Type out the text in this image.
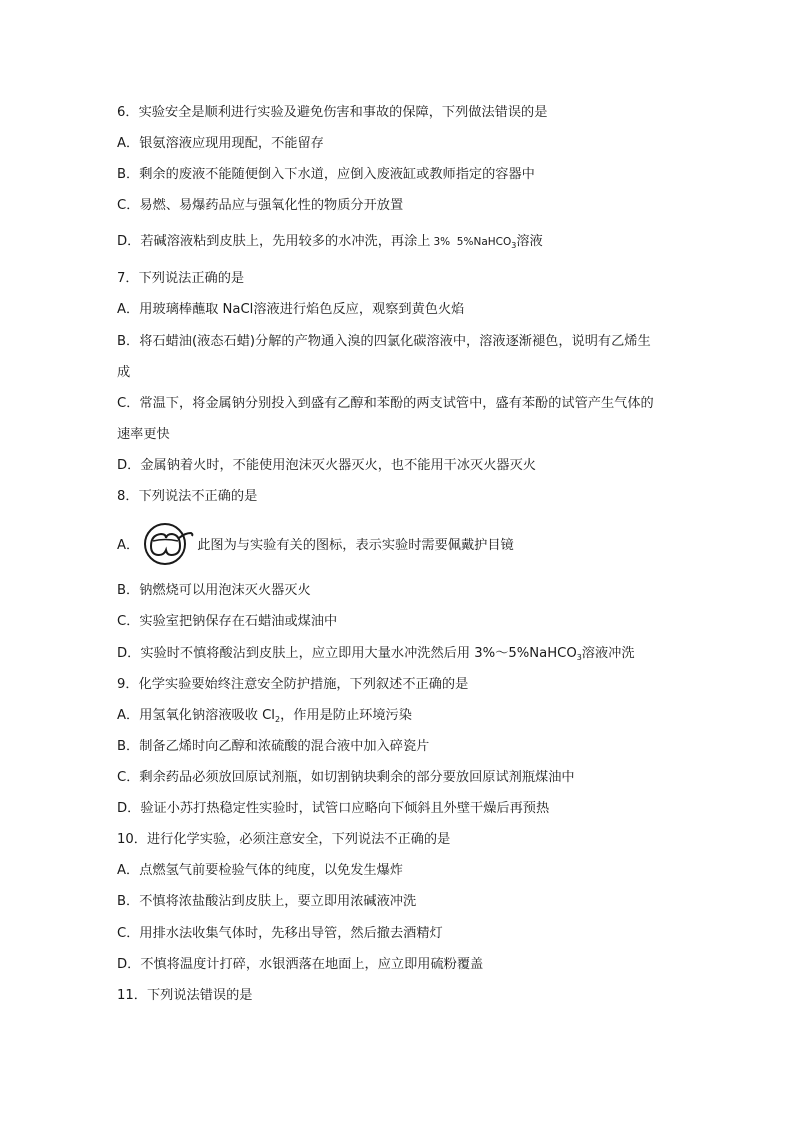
6．实验安全是顺利进行实验及避免伤害和事故的保障，下列做法错误的是
A．银氨溶液应现用现配，不能留存
B．剩余的废液不能随便倒入下水道，应倒入废液缸或教师指定的容器中
C．易燃、易爆药品应与强氧化性的物质分开放置
D．若碱溶液粘到皮肤上，先用较多的水冲洗，再涂上 3%  5%NaHCO$_3$溶液
7．下列说法正确的是
A．用玻璃棒蘸取 NaCl溶液进行焰色反应，观察到黄色火焰
B．将石蜡油(液态石蜡)分解的产物通入溴的四氯化碳溶液中，溶液逐渐褪色，说明有乙烯生
成
C．常温下，将金属钠分别投入到盛有乙醇和苯酚的两支试管中，盛有苯酚的试管产生气体的
速率更快
D．金属钠着火时，不能使用泡沫灭火器灭火，也不能用干冰灭火器灭火
8．下列说法不正确的是
A．	此图为与实验有关的图标，表示实验时需要佩戴护目镜
B．钠燃烧可以用泡沫灭火器灭火
C．实验室把钠保存在石蜡油或煤油中
D．实验时不慎将酸沾到皮肤上，应立即用大量水冲洗然后用 3%～5%NaHCO$_3$溶液冲洗
9．化学实验要始终注意安全防护措施，下列叙述不正确的是
A．用氢氧化钠溶液吸收 $Cl_2$，作用是防止环境污染
B．制备乙烯时向乙醇和浓硫酸的混合液中加入碎瓷片
C．剩余药品必须放回原试剂瓶，如切割钠块剩余的部分要放回原试剂瓶煤油中
D．验证小苏打热稳定性实验时，试管口应略向下倾斜且外壁干燥后再预热
10．进行化学实验，必须注意安全，下列说法不正确的是
A．点燃氢气前要检验气体的纯度，以免发生爆炸
B．不慎将浓盐酸沾到皮肤上，要立即用浓碱液冲洗
C．用排水法收集气体时，先移出导管，然后撤去酒精灯
D．不慎将温度计打碎，水银洒落在地面上，应立即用硫粉覆盖
11．下列说法错误的是
